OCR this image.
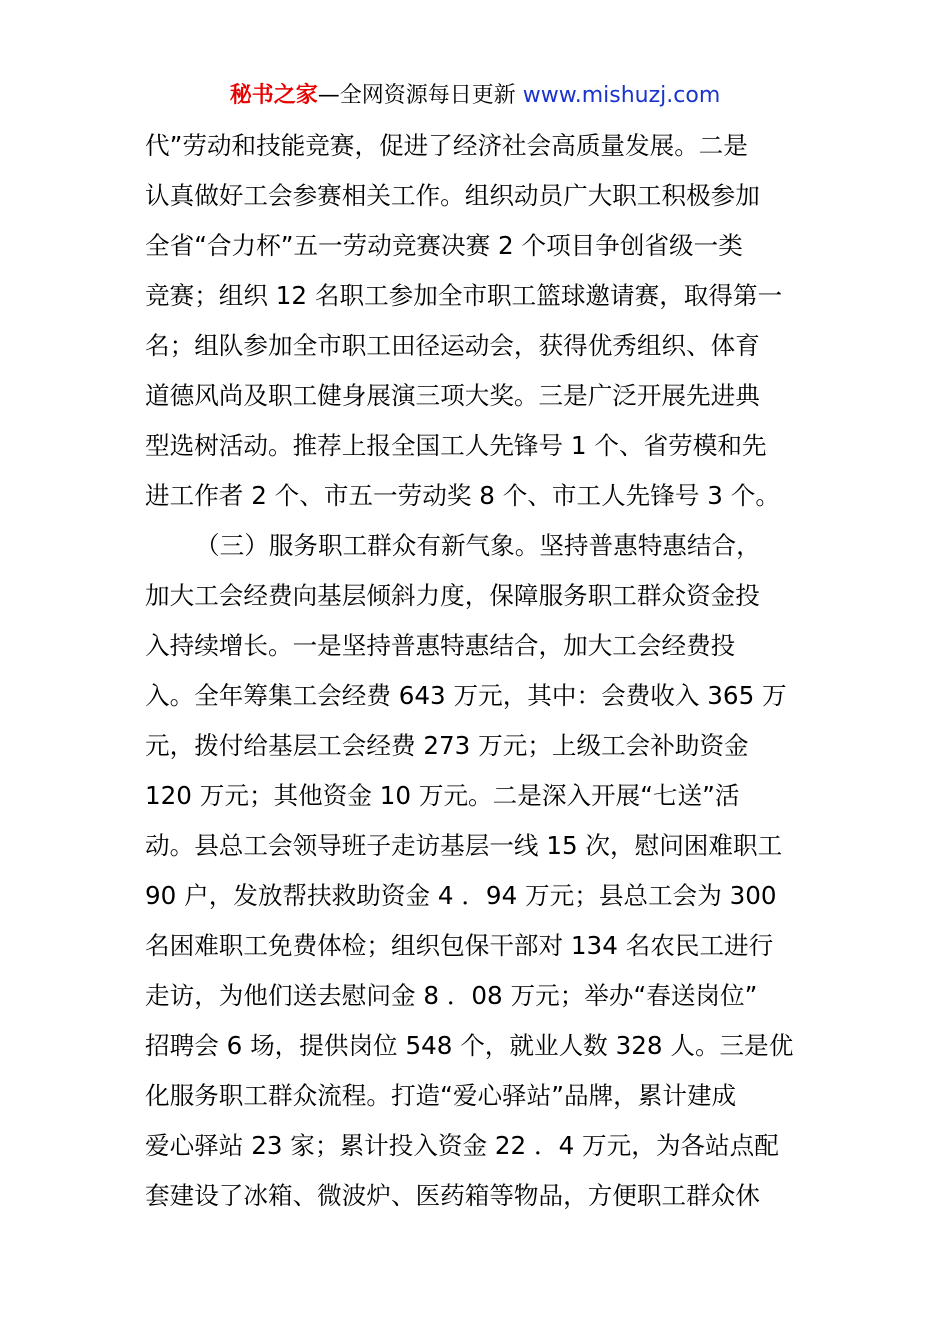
秘书之家—全网资源每日更新 www.mishuzj.com
代”劳动和技能竞赛，促进了经济社会高质量发展。二是
认真做好工会参赛相关工作。组织动员广大职工积极参加
全省“合力杯”五一劳动竞赛决赛 2 个项目争创省级一类
竞赛；组织 12 名职工参加全市职工篮球邀请赛，取得第一
名；组队参加全市职工田径运动会，获得优秀组织、体育
道德风尚及职工健身展演三项大奖。三是广泛开展先进典
型选树活动。推荐上报全国工人先锋号 1 个、省劳模和先
进工作者 2 个、市五一劳动奖 8 个、市工人先锋号 3 个。
（三）服务职工群众有新气象。坚持普惠特惠结合，
加大工会经费向基层倾斜力度，保障服务职工群众资金投
入持续增长。一是坚持普惠特惠结合，加大工会经费投
入。全年筹集工会经费 643 万元，其中：会费收入 365 万
元，拨付给基层工会经费 273 万元；上级工会补助资金
120 万元；其他资金 10 万元。二是深入开展“七送”活
动。县总工会领导班子走访基层一线 15 次，慰问困难职工
90 户，发放帮扶救助资金 4 ．94 万元；县总工会为 300
名困难职工免费体检；组织包保干部对 134 名农民工进行
走访，为他们送去慰问金 8 ．08 万元；举办“春送岗位”
招聘会 6 场，提供岗位 548 个，就业人数 328 人。三是优
化服务职工群众流程。打造“爱心驿站”品牌，累计建成
爱心驿站 23 家；累计投入资金 22 ．4 万元，为各站点配
套建设了冰箱、微波炉、医药箱等物品，方便职工群众休
